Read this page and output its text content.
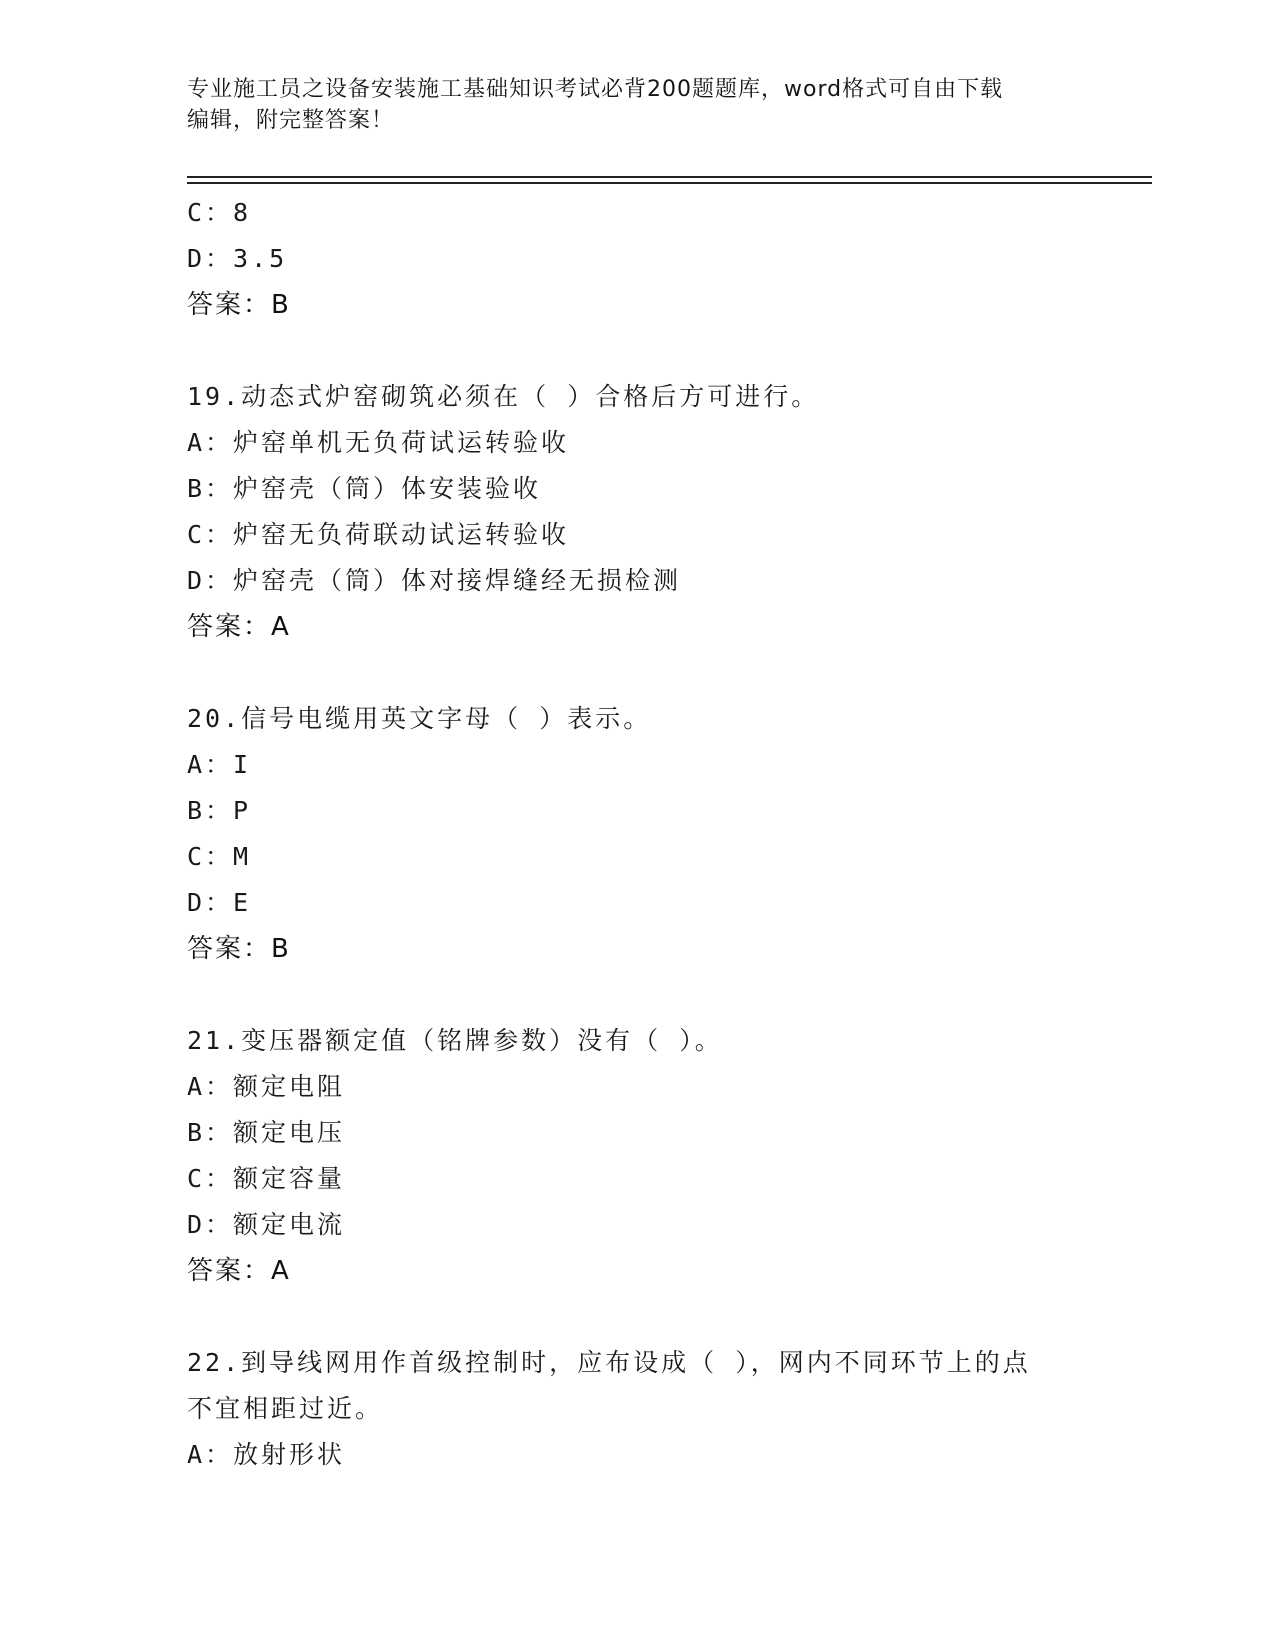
专业施工员之设备安装施工基础知识考试必背200题题库，word格式可自由下载
编辑，附完整答案！
C：8
D：3.5
答案：B
19.动态式炉窑砌筑必须在（ ）合格后方可进行。
A：炉窑单机无负荷试运转验收
B：炉窑壳（筒）体安装验收
C：炉窑无负荷联动试运转验收
D：炉窑壳（筒）体对接焊缝经无损检测
答案：A
20.信号电缆用英文字母（ ）表示。
A：I
B：P
C：M
D：E
答案：B
21.变压器额定值（铭牌参数）没有（ ）。
A：额定电阻
B：额定电压
C：额定容量
D：额定电流
答案：A
22.到导线网用作首级控制时，应布设成（ ），网内不同环节上的点
不宜相距过近。
A：放射形状
